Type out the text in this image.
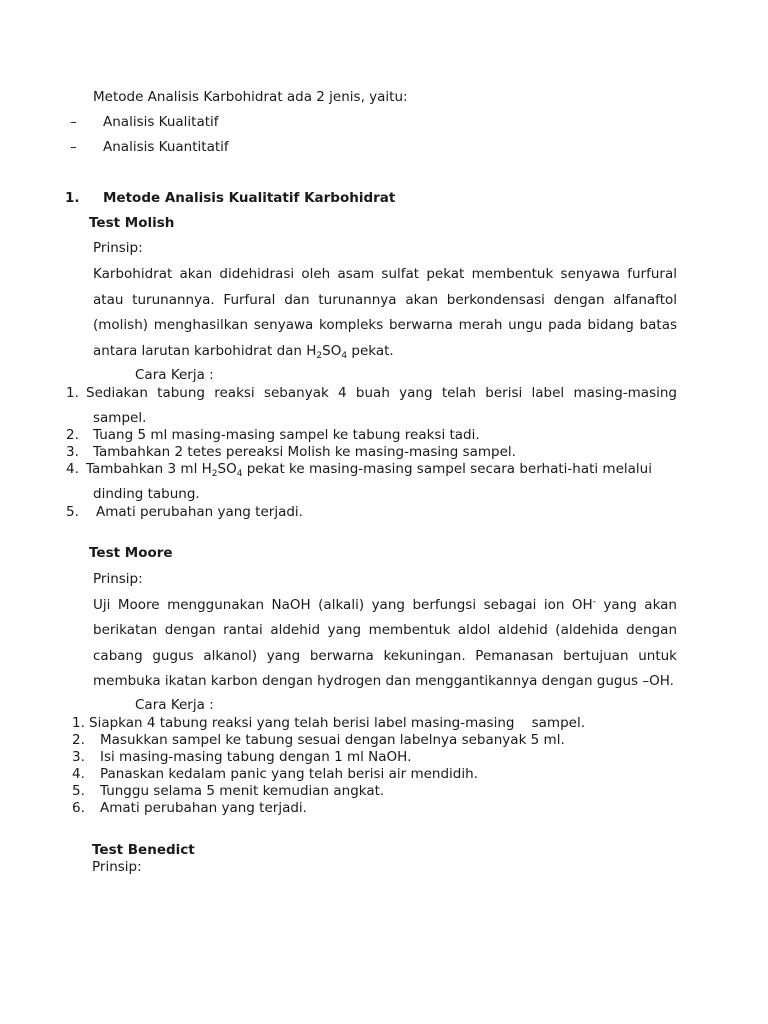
Metode Analisis Karbohidrat ada 2 jenis, yaitu:
– Analisis Kualitatif
– Analisis Kuantitatif
1. Metode Analisis Kualitatif Karbohidrat
Test Molish
Prinsip:
Karbohidrat akan didehidrasi oleh asam sulfat pekat membentuk senyawa furfural
atau turunannya. Furfural dan turunannya akan berkondensasi dengan alfanaftol
(molish) menghasilkan senyawa kompleks berwarna merah ungu pada bidang batas
antara larutan karbohidrat dan $H_2SO_4$ pekat.
Cara Kerja :
1. Sediakan tabung reaksi sebanyak 4 buah yang telah berisi label masing-masing
sampel.
2. Tuang 5 ml masing-masing sampel ke tabung reaksi tadi.
3. Tambahkan 2 tetes pereaksi Molish ke masing-masing sampel.
4. Tambahkan 3 ml $H_2SO_4$ pekat ke masing-masing sampel secara berhati-hati melalui
dinding tabung.
5. Amati perubahan yang terjadi.
Test Moore
Prinsip:
Uji Moore menggunakan NaOH (alkali) yang berfungsi sebagai ion OH- yang akan
berikatan dengan rantai aldehid yang membentuk aldol aldehid (aldehida dengan
cabang gugus alkanol) yang berwarna kekuningan. Pemanasan bertujuan untuk
membuka ikatan karbon dengan hydrogen dan menggantikannya dengan gugus –OH.
Cara Kerja :
1. Siapkan 4 tabung reaksi yang telah berisi label masing-masing    sampel.
2. Masukkan sampel ke tabung sesuai dengan labelnya sebanyak 5 ml.
3. Isi masing-masing tabung dengan 1 ml NaOH.
4. Panaskan kedalam panic yang telah berisi air mendidih.
5. Tunggu selama 5 menit kemudian angkat.
6. Amati perubahan yang terjadi.
Test Benedict
Prinsip:
